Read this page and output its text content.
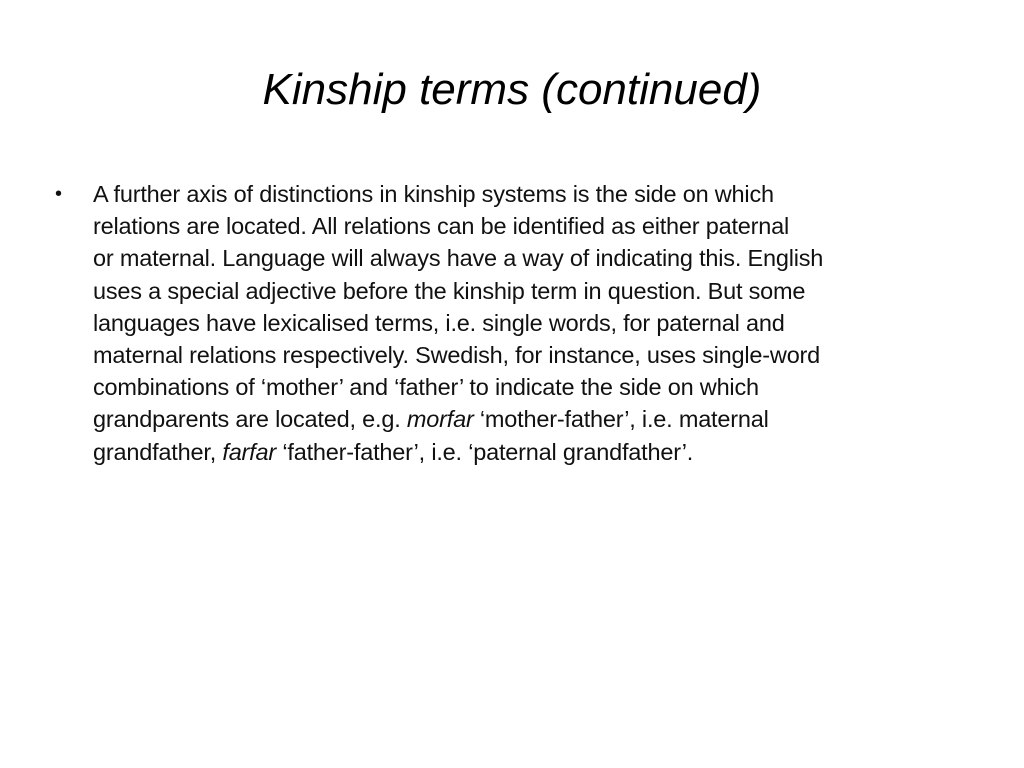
Kinship terms (continued)
• A further axis of distinctions in kinship systems is the side on which
relations are located. All relations can be identified as either paternal
or maternal. Language will always have a way of indicating this. English
uses a special adjective before the kinship term in question. But some
languages have lexicalised terms, i.e. single words, for paternal and
maternal relations respectively. Swedish, for instance, uses single-word
combinations of ‘mother’ and ‘father’ to indicate the side on which
grandparents are located, e.g. morfar ‘mother-father’, i.e. maternal
grandfather, farfar ‘father-father’, i.e. ‘paternal grandfather’.
